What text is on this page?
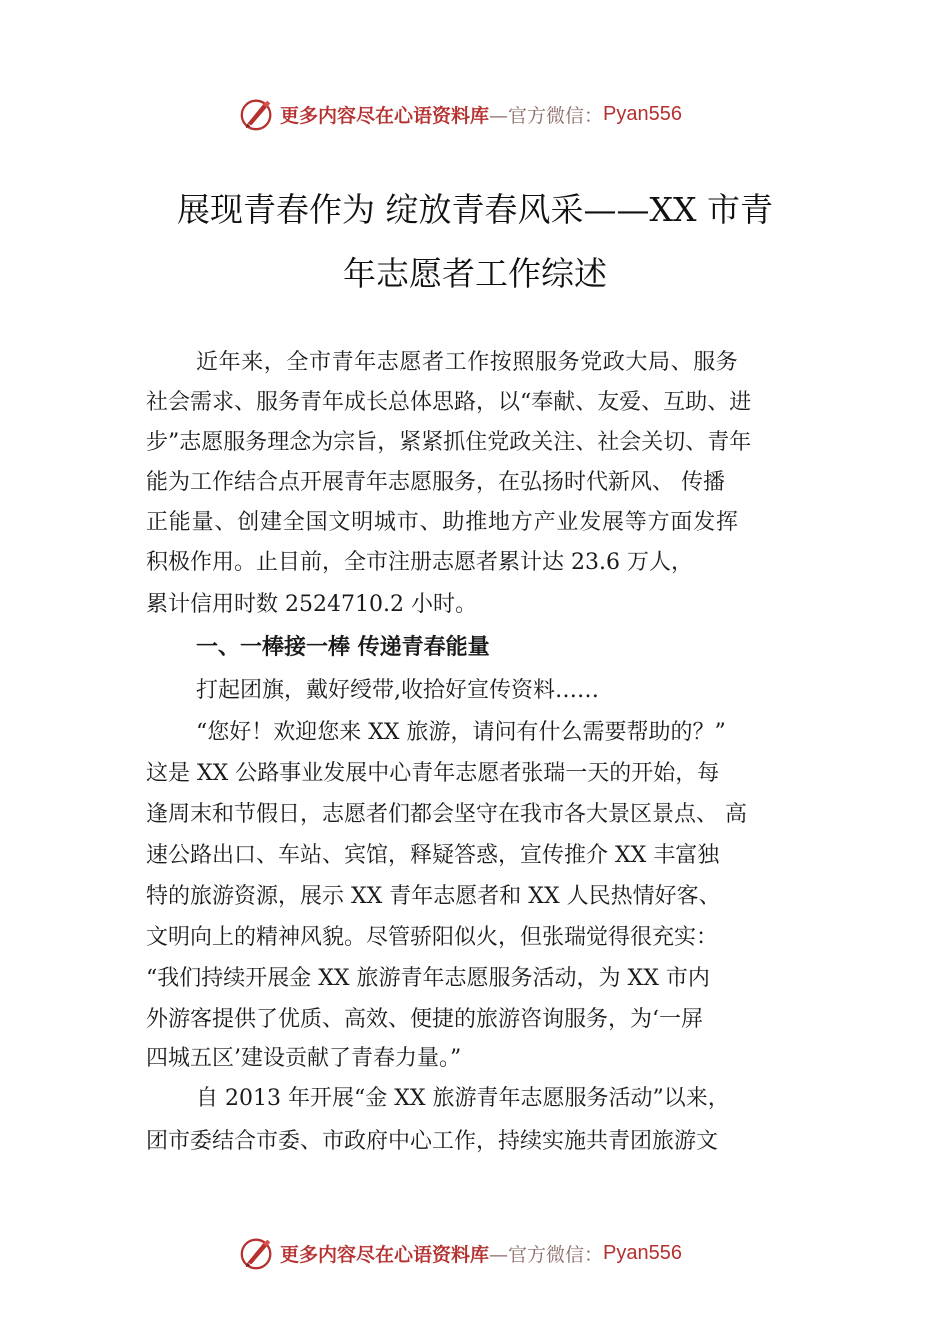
更多内容尽在心语资料库 —官方微信： Pyan556
展现青春作为 绽放青春风采——XX 市青
年志愿者工作综述
近年来，全市青年志愿者工作按照服务党政大局、服务
社会需求、服务青年成长总体思路，以“奉献、友爱、互助、进
步”志愿服务理念为宗旨，紧紧抓住党政关注、社会关切、青年
能为工作结合点开展青年志愿服务，在弘扬时代新风、 传播
正能量、创建全国文明城市、助推地方产业发展等方面发挥
积极作用。止目前，全市注册志愿者累计达 23.6 万人，
累计信用时数 2524710.2 小时。
一、一棒接一棒 传递青春能量
打起团旗，戴好绶带,收拾好宣传资料……
“您好！欢迎您来 XX 旅游，请问有什么需要帮助的？”
这是 XX 公路事业发展中心青年志愿者张瑞一天的开始，每
逢周末和节假日，志愿者们都会坚守在我市各大景区景点、 高
速公路出口、车站、宾馆，释疑答惑，宣传推介 XX 丰富独
特的旅游资源，展示 XX 青年志愿者和 XX 人民热情好客、
文明向上的精神风貌。尽管骄阳似火，但张瑞觉得很充实：
“我们持续开展金 XX 旅游青年志愿服务活动，为 XX 市内
外游客提供了优质、高效、便捷的旅游咨询服务，为‘一屏
四城五区’建设贡献了青春力量。”
自 2013 年开展“金 XX 旅游青年志愿服务活动”以来，
团市委结合市委、市政府中心工作，持续实施共青团旅游文
更多内容尽在心语资料库 —官方微信： Pyan556
